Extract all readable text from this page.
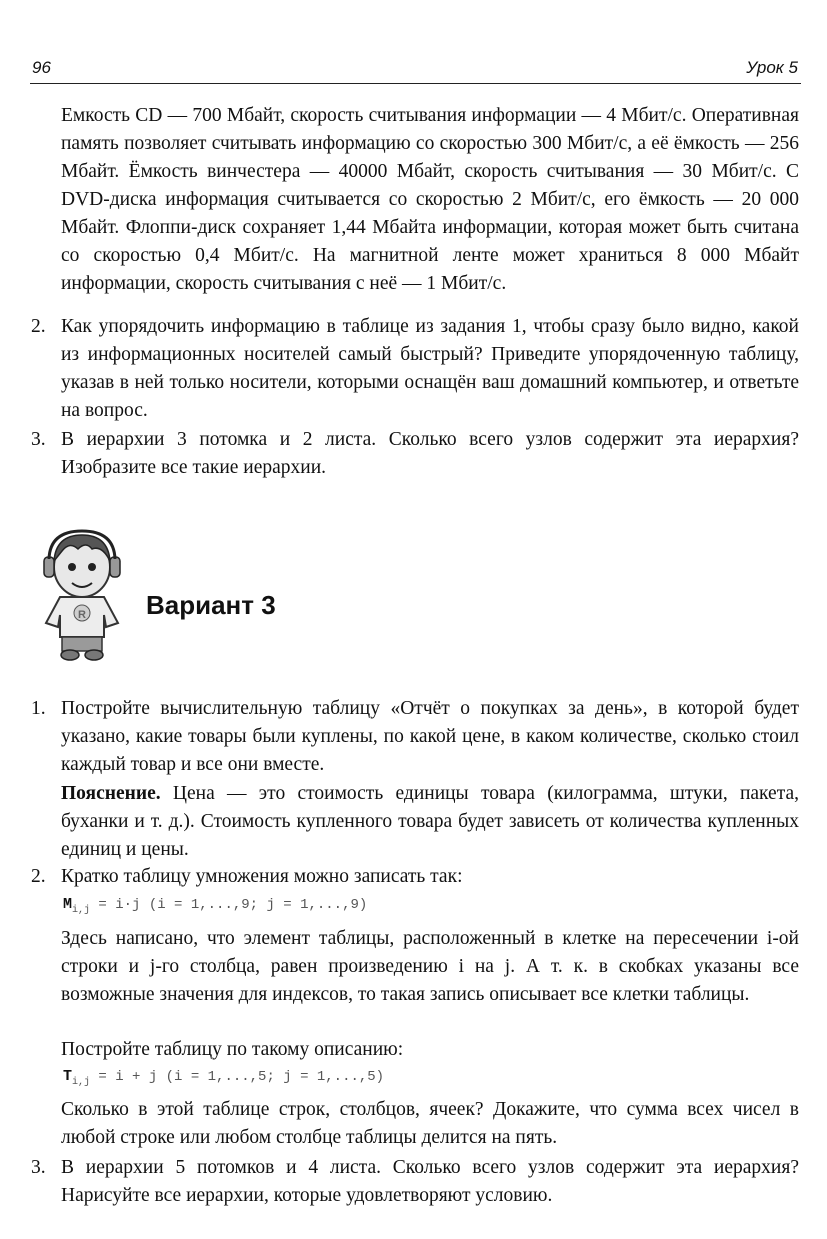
96	Урок 5

Емкость CD — 700 Мбайт, скорость считывания информации — 4 Мбит/с. Оперативная память позволяет считывать информацию со скоростью 300 Мбит/с, а её ёмкость — 256 Мбайт. Ёмкость винчестера — 40000 Мбайт, скорость считывания — 30 Мбит/с. С DVD-диска информация считывается со скоростью 2 Мбит/с, его ёмкость — 20 000 Мбайт. Флоппи-диск сохраняет 1,44 Мбайта информации, которая может быть считана со скоростью 0,4 Мбит/с. На магнитной ленте может храниться 8 000 Мбайт информации, скорость считывания с неё — 1 Мбит/с.

2. Как упорядочить информацию в таблице из задания 1, чтобы сразу было видно, какой из информационных носителей самый быстрый? Приведите упорядоченную таблицу, указав в ней только носители, которыми оснащён ваш домашний компьютер, и ответьте на вопрос.

3. В иерархии 3 потомка и 2 листа. Сколько всего узлов содержит эта иерархия? Изобразите все такие иерархии.

R Вариант 3
1. Постройте вычислительную таблицу «Отчёт о покупках за день», в которой будет указано, какие товары были куплены, по какой цене, в каком количестве, сколько стоил каждый товар и все они вместе.

Пояснение. Цена — это стоимость единицы товара (килограмма, штуки, пакета, буханки и т. д.). Стоимость купленного товара будет зависеть от количества купленных единиц и цены.

2. Кратко таблицу умножения можно записать так:

$M_{i,j} = i\cdot j$ (i = 1,...,9; j = 1,...,9)

Здесь написано, что элемент таблицы, расположенный в клетке на пересечении i-ой строки и j-го столбца, равен произведению i на j. А т. к. в скобках указаны все возможные значения для индексов, то такая запись описывает все клетки таблицы.

Постройте таблицу по такому описанию:

$T_{i,j} = i + j$ (i = 1,...,5; j = 1,...,5)

Сколько в этой таблице строк, столбцов, ячеек? Докажите, что сумма всех чисел в любой строке или любом столбце таблицы делится на пять.

3. В иерархии 5 потомков и 4 листа. Сколько всего узлов содержит эта иерархия? Нарисуйте все иерархии, которые удовлетворяют условию.
